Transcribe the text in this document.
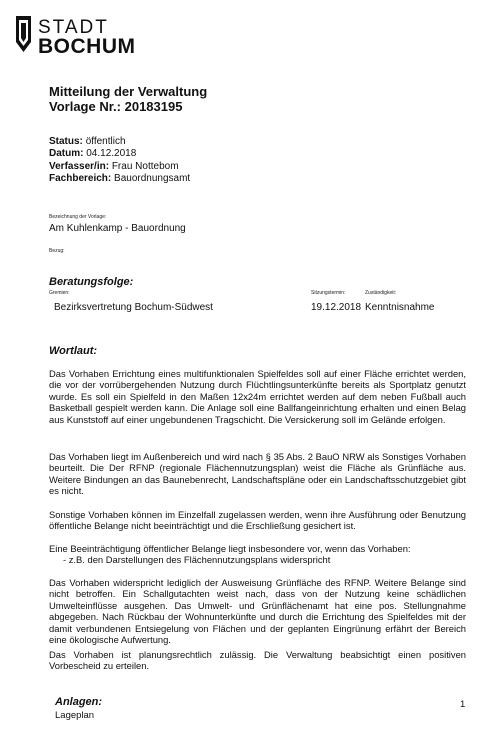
STADT
BOCHUM
Mitteilung der Verwaltung
Vorlage Nr.: 20183195
Status: öffentlich
Datum: 04.12.2018
Verfasser/in: Frau Nottebom
Fachbereich: Bauordnungsamt
Bezeichnung der Vorlage:
Am Kuhlenkamp - Bauordnung
Bezug:
Beratungsfolge:
Gremien:	Sitzungstermin:	Zuständigkeit:
Bezirksvertretung Bochum-Südwest	19.12.2018 Kenntnisnahme
Wortlaut:
Das Vorhaben Errichtung eines multifunktionalen Spielfeldes soll auf einer Fläche errichtet werden, die vor der vorrübergehenden Nutzung durch Flüchtlingsunterkünfte bereits als Sportplatz genutzt wurde. Es soll ein Spielfeld in den Maßen 12x24m errichtet werden auf dem neben Fußball auch Basketball gespielt werden kann. Die Anlage soll eine Ballfangeinrichtung erhalten und einen Belag aus Kunststoff auf einer ungebundenen Tragschicht. Die Versickerung soll im Gelände erfolgen.
Das Vorhaben liegt im Außenbereich und wird nach § 35 Abs. 2 BauO NRW als Sonstiges Vorhaben beurteilt. Die Der RFNP (regionale Flächennutzungsplan) weist die Fläche als Grünfläche aus. Weitere Bindungen an das Baunebenrecht, Landschaftspläne oder ein Landschaftsschutzgebiet gibt es nicht.
Sonstige Vorhaben können im Einzelfall zugelassen werden, wenn ihre Ausführung oder Benutzung öffentliche Belange nicht beeinträchtigt und die Erschließung gesichert ist.
Eine Beeinträchtigung öffentlicher Belange liegt insbesondere vor, wenn das Vorhaben:
- z.B. den Darstellungen des Flächennutzungsplans widerspricht
Das Vorhaben widerspricht lediglich der Ausweisung Grünfläche des RFNP. Weitere Belange sind nicht betroffen. Ein Schallgutachten weist nach, dass von der Nutzung keine schädlichen Umwelteinflüsse ausgehen. Das Umwelt- und Grünflächenamt hat eine pos. Stellungnahme abgegeben. Nach Rückbau der Wohnunterkünfte und durch die Errichtung des Spielfeldes mit der damit verbundenen Entsiegelung von Flächen und der geplanten Eingrünung erfährt der Bereich eine ökologische Aufwertung.
Das Vorhaben ist planungsrechtlich zulässig. Die Verwaltung beabsichtigt einen positiven Vorbescheid zu erteilen.
Anlagen:
Lageplan
1
